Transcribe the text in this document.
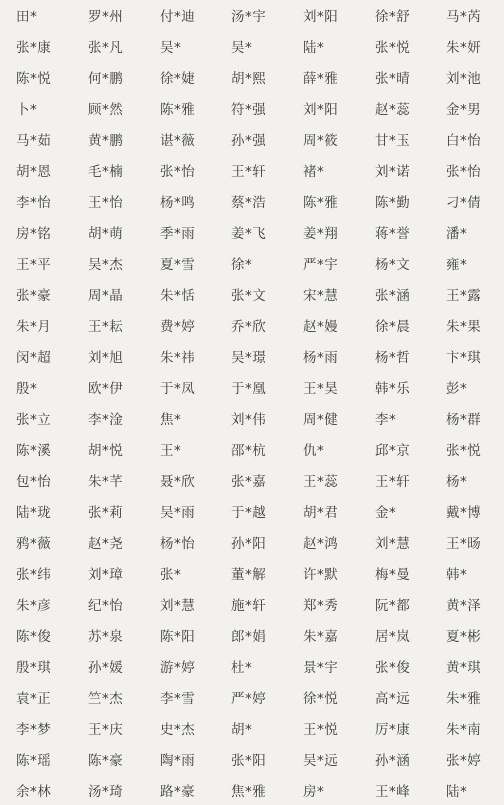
田*	罗*州	付*迪	汤*宇	刘*阳	徐*舒	马*芮
张*康	张*凡	吴*	吴*	陆*	张*悦	朱*妍
陈*悦	何*鹏	徐*婕	胡*熙	薛*雅	张*晴	刘*池
卜*	顾*然	陈*雅	符*强	刘*阳	赵*蕊	金*男
马*茹	黄*鹏	谌*薇	孙*强	周*筱	甘*玉	白*怡
胡*恩	毛*楠	张*怡	王*轩	褚*	刘*诺	张*怡
李*怡	王*怡	杨*鸣	蔡*浩	陈*雅	陈*勤	刁*倩
房*铭	胡*萌	季*雨	姜*飞	姜*翔	蒋*誉	潘*
王*平	吴*杰	夏*雪	徐*	严*宇	杨*文	雍*
张*豪	周*晶	朱*恬	张*文	宋*慧	张*涵	王*露
朱*月	王*耘	费*婷	乔*欣	赵*嫚	徐*晨	朱*果
闵*超	刘*旭	朱*祎	吴*璟	杨*雨	杨*哲	卞*琪
殷*	欧*伊	于*凤	于*凰	王*昊	韩*乐	彭*
张*立	李*淦	焦*	刘*伟	周*健	李*	杨*群
陈*溪	胡*悦	王*	邵*杭	仇*	邱*京	张*悦
包*怡	朱*芊	聂*欣	张*嘉	王*蕊	王*轩	杨*
陆*珑	张*莉	吴*雨	于*越	胡*君	金*	戴*博
鸦*薇	赵*尧	杨*怡	孙*阳	赵*鸿	刘*慧	王*旸
张*纬	刘*璋	张*	董*解	许*默	梅*曼	韩*
朱*彦	纪*怡	刘*慧	施*轩	郑*秀	阮*都	黄*泽
陈*俊	苏*泉	陈*阳	郎*娟	朱*嘉	居*岚	夏*彬
殷*琪	孙*媛	游*婷	杜*	景*宇	张*俊	黄*琪
袁*正	竺*杰	李*雪	严*婷	徐*悦	高*远	朱*雅
李*梦	王*庆	史*杰	胡*	王*悦	厉*康	朱*南
陈*瑶	陈*豪	陶*雨	张*阳	吴*远	孙*涵	张*婷
余*林	汤*琦	路*豪	焦*雅	房*	王*峰	陆*
